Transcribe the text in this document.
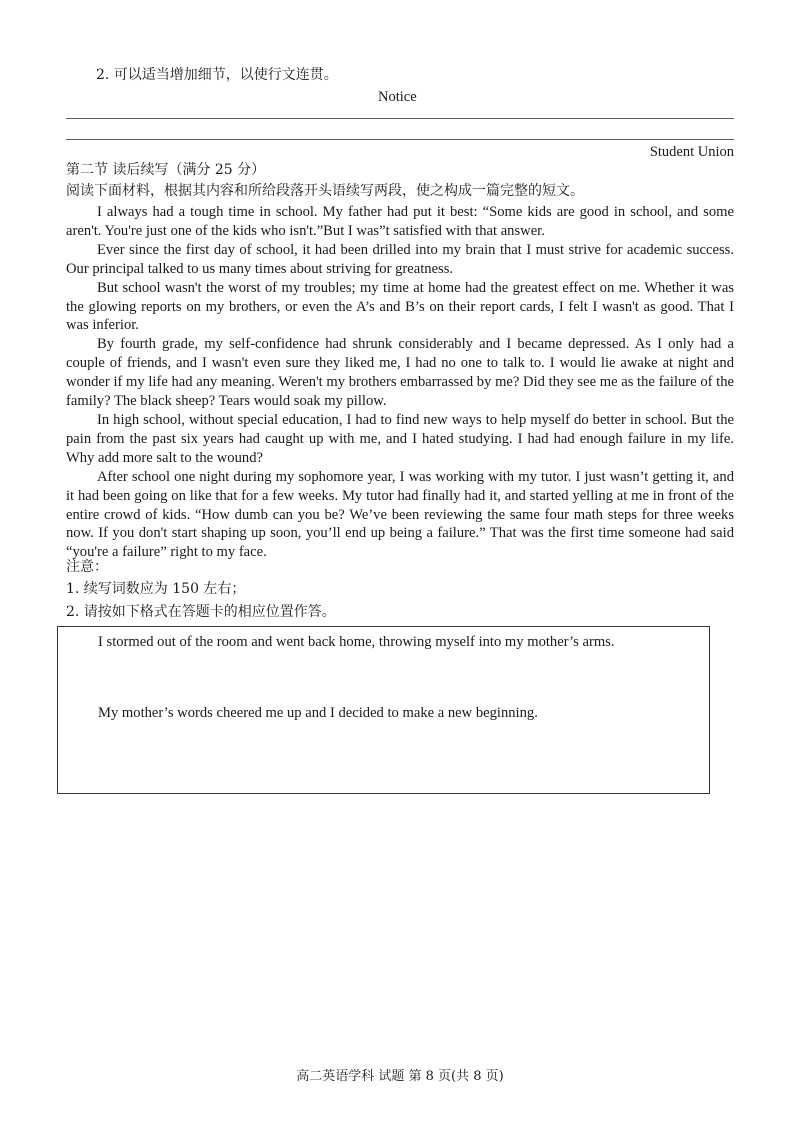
2. 可以适当增加细节，以使行文连贯。
Notice
Student Union
第二节 读后续写（满分 25 分）
阅读下面材料，根据其内容和所给段落开头语续写两段，使之构成一篇完整的短文。

I always had a tough time in school. My father had put it best: “Some kids are good in school, and some aren't. You're just one of the kids who isn't.”But I was”t satisfied with that answer.

Ever since the first day of school, it had been drilled into my brain that I must strive for academic success. Our principal talked to us many times about striving for greatness.

But school wasn't the worst of my troubles; my time at home had the greatest effect on me. Whether it was the glowing reports on my brothers, or even the A’s and B’s on their report cards, I felt I wasn't as good. That I was inferior.

By fourth grade, my self-confidence had shrunk considerably and I became depressed. As I only had a couple of friends, and I wasn't even sure they liked me, I had no one to talk to. I would lie awake at night and wonder if my life had any meaning. Weren't my brothers embarrassed by me? Did they see me as the failure of the family? The black sheep? Tears would soak my pillow.

In high school, without special education, I had to find new ways to help myself do better in school. But the pain from the past six years had caught up with me, and I hated studying. I had had enough failure in my life. Why add more salt to the wound?

After school one night during my sophomore year, I was working with my tutor. I just wasn’t getting it, and it had been going on like that for a few weeks. My tutor had finally had it, and started yelling at me in front of the entire crowd of kids. “How dumb can you be? We’ve been reviewing the same four math steps for three weeks now. If you don't start shaping up soon, you’ll end up being a failure.” That was the first time someone had said “you're a failure” right to my face.

注意：
1. 续写词数应为 150 左右；
2. 请按如下格式在答题卡的相应位置作答。
I stormed out of the room and went back home, throwing myself into my mother’s arms.
My mother’s words cheered me up and I decided to make a new beginning.
高二英语学科 试题 第 8 页(共 8 页)
